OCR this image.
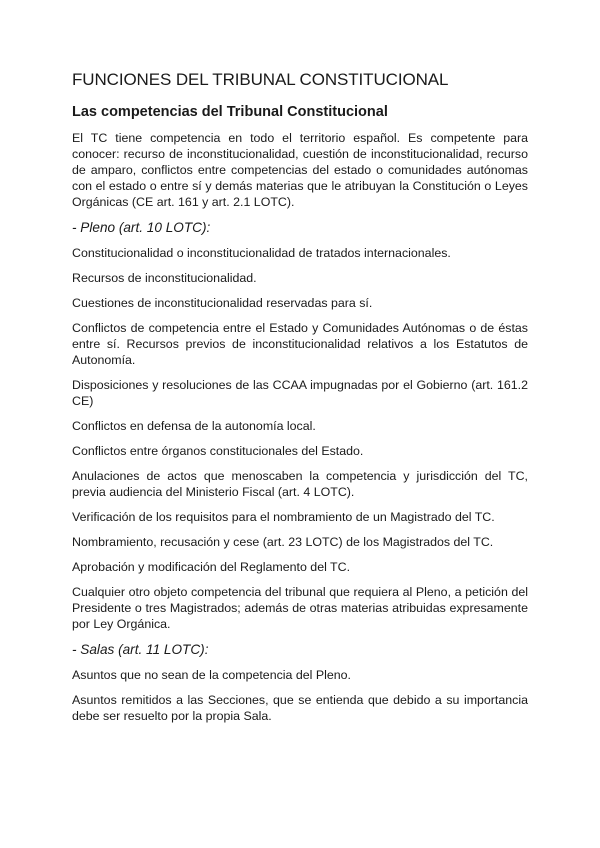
FUNCIONES DEL TRIBUNAL CONSTITUCIONAL
Las competencias del Tribunal Constitucional

El TC tiene competencia en todo el territorio español. Es competente para conocer: recurso de inconstitucionalidad, cuestión de inconstitucionalidad, recurso de amparo, conflictos entre competencias del estado o comunidades autónomas con el estado o entre sí y demás materias que le atribuyan la Constitución o Leyes Orgánicas (CE art. 161 y art. 2.1 LOTC).

- Pleno (art. 10 LOTC):

Constitucionalidad o inconstitucionalidad de tratados internacionales.

Recursos de inconstitucionalidad.

Cuestiones de inconstitucionalidad reservadas para sí.

Conflictos de competencia entre el Estado y Comunidades Autónomas o de éstas entre sí. Recursos previos de inconstitucionalidad relativos a los Estatutos de Autonomía.

Disposiciones y resoluciones de las CCAA impugnadas por el Gobierno (art. 161.2 CE)

Conflictos en defensa de la autonomía local.

Conflictos entre órganos constitucionales del Estado.

Anulaciones de actos que menoscaben la competencia y jurisdicción del TC, previa audiencia del Ministerio Fiscal (art. 4 LOTC).

Verificación de los requisitos para el nombramiento de un Magistrado del TC.

Nombramiento, recusación y cese (art. 23 LOTC) de los Magistrados del TC.

Aprobación y modificación del Reglamento del TC.

Cualquier otro objeto competencia del tribunal que requiera al Pleno, a petición del Presidente o tres Magistrados; además de otras materias atribuidas expresamente por Ley Orgánica.

- Salas (art. 11 LOTC):

Asuntos que no sean de la competencia del Pleno.

Asuntos remitidos a las Secciones, que se entienda que debido a su importancia debe ser resuelto por la propia Sala.
